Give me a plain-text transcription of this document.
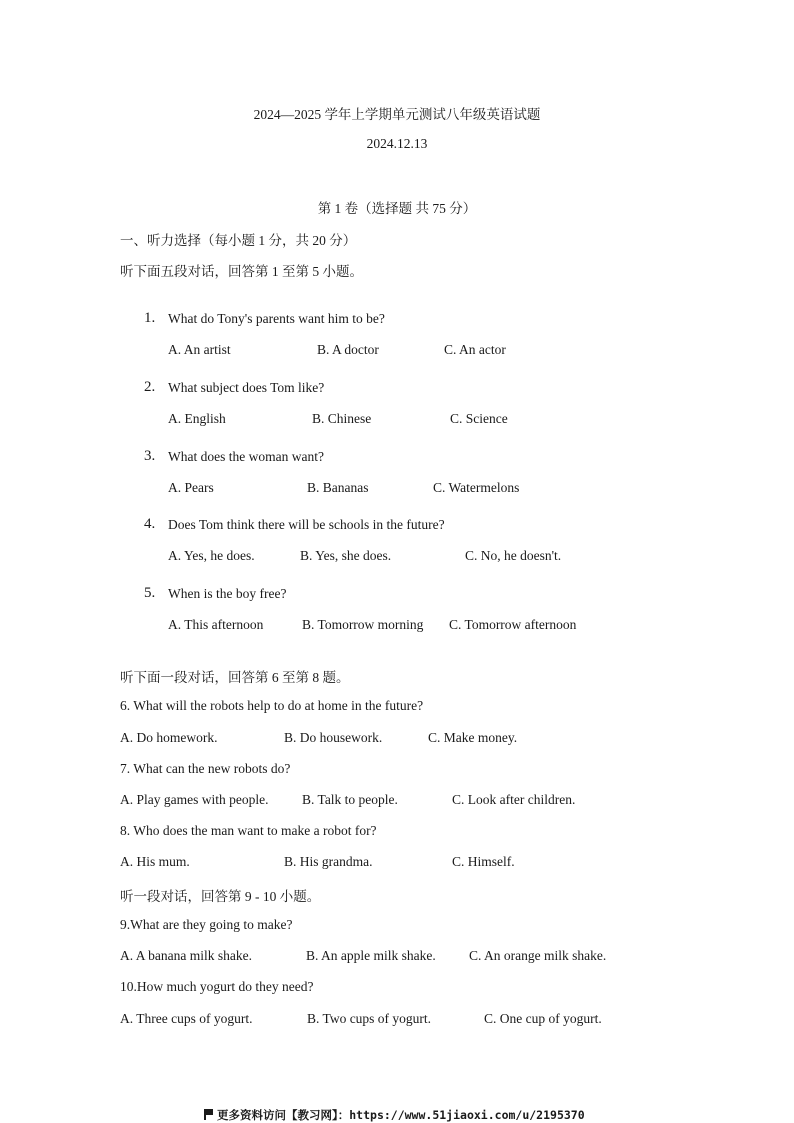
2024—2025 学年上学期单元测试八年级英语试题
2024.12.13
第 1 卷（选择题 共 75 分）
一、听力选择（每小题 1 分，共 20 分）
听下面五段对话，回答第 1 至第 5 小题。
1. What do Tony's parents want him to be?
A. An artist	B. A doctor	C. An actor
2. What subject does Tom like?
A. English	B. Chinese	C. Science
3. What does the woman want?
A. Pears	B. Bananas	C. Watermelons
4. Does Tom think there will be schools in the future?
A. Yes, he does.	B. Yes, she does.	C. No, he doesn't.
5. When is the boy free?
A. This afternoon	B. Tomorrow morning C. Tomorrow afternoon
听下面一段对话，回答第 6 至第 8 题。
6. What will the robots help to do at home in the future?
A. Do homework.	B. Do housework.	C. Make money.
7. What can the new robots do?
A. Play games with people. B. Talk to people.	C. Look after children.
8. Who does the man want to make a robot for?
A. His mum.	B. His grandma.	C. Himself.
听一段对话，回答第 9 - 10 小题。
9.What are they going to make?
A. A banana milk shake.	B. An apple milk shake. C. An orange milk shake.
10.How much yogurt do they need?
A. Three cups of yogurt.	B. Two cups of yogurt.	C. One cup of yogurt.
更多资料访问【教习网】：https://www.51jiaoxi.com/u/2195370
